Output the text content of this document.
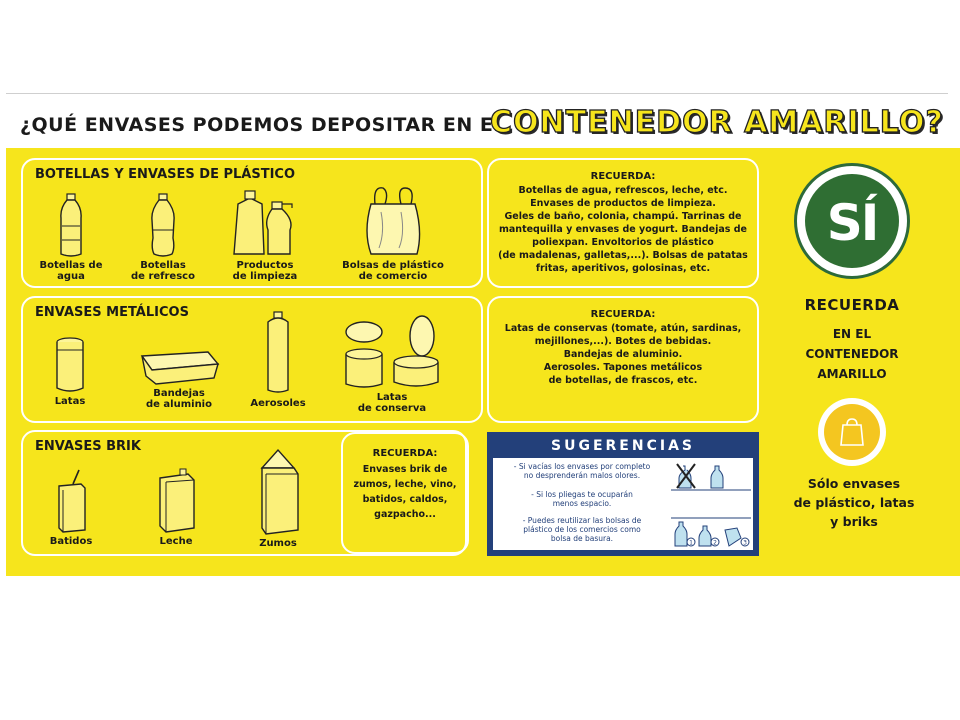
¿QUÉ ENVASES PODEMOS DEPOSITAR EN EL
CONTENEDOR AMARILLO?
BOTELLAS Y ENVASES DE PLÁSTICO
Botellas de agua
Botellas
de refresco
Productos
de limpieza
Bolsas de plástico
de comercio
RECUERDA:
Botellas de agua, refrescos, leche, etc.
Envases de productos de limpieza.
Geles de baño, colonia, champú. Tarrinas de
mantequilla y envases de yogurt. Bandejas de
poliexpan. Envoltorios de plástico
(de madalenas, galletas,...). Bolsas de patatas
fritas, aperitivos, golosinas, etc.
ENVASES METÁLICOS
Latas
Bandejas
de aluminio	Aerosoles
Latas
de conserva
RECUERDA:
Latas de conservas (tomate, atún, sardinas,
mejillones,...). Botes de bebidas.
Bandejas de aluminio.
Aerosoles. Tapones metálicos
de botellas, de frascos, etc.
ENVASES BRIK
Batidos	Leche	Zumos
RECUERDA:
Envases brik de
zumos, leche, vino,
batidos, caldos,
gazpacho...
SUGERENCIAS
- Si vacías los envases por completo
no desprenderán malos olores.
- Si los pliegas te ocuparán
menos espacio.
- Puedes reutilizar las bolsas de
plástico de los comercios como
bolsa de basura.	1	2	3
SÍ
RECUERDA
EN EL
CONTENEDOR
AMARILLO
Sólo envases
de plástico, latas
y briks
